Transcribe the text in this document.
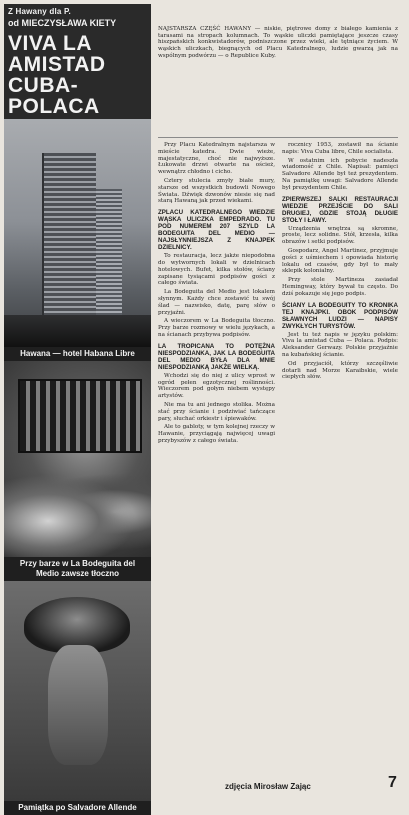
Z Hawany dla P.
od MIECZYSŁAWA KIETY
VIVA LA
AMISTAD
CUBA-
POLACA
Hawana — hotel Habana Libre
Przy barze w La Bodeguita del
Medio zawsze tłoczno
Pamiątka po Salvadore Allende
NAJSTARSZA CZĘŚĆ HAWANY — niskie, piętrowe domy z białego kamienia z tarasami na stropach kolumnach. To wąskie uliczki pamiętające jeszcze czasy hiszpańskich konkwistadorów, podniszczone przez wieki, ale tętniące życiem. W wąskich uliczkach, biegnących od Placu Katedralnego, ludzie gwarzą jak na wspólnym podwórzu — o Republice Kuby.

Przy Placu Katedralnym najstarsza w mieście katedra. Dwie wieże, majestatyczne, choć nie najwyższe. Łukowate drzwi otwarte na oścież, wewnątrz chłodno i cicho.

Cztery stulecia zmyły białe mury, starsze od wszystkich budowli Nowego Świata. Dźwięk dzwonów niesie się nad starą Hawaną jak przed wiekami.

ZPLACU KATEDRALNEGO WIEDZIE WĄSKA ULICZKA EMPEDRADO. TU POD NUMEREM 207 SZYLD LA BODEGUITA DEL MEDIO — NAJSŁYNNIEJSZA Z KNAJPEK DZIELNICY.

To restauracja, lecz jakże niepodobna do wytwornych lokali w dzielnicach hotelowych. Bufet, kilka stołów, ściany zapisane tysiącami podpisów gości z całego świata.

La Bodeguita del Medio jest lokalem słynnym. Każdy chce zostawić tu swój ślad — nazwisko, datę, parę słów o przyjaźni.

A wieczorem w La Bodeguita tłoczno. Przy barze rozmowy w wielu językach, a na ścianach przybywa podpisów.

LA TROPICANA TO POTĘŻNA NIESPODZIANKA, JAK LA BODEGUITA DEL MEDIO BYŁA DLA MNIE NIESPODZIANKĄ JAKŻE WIELKĄ.

Wchodzi się do niej z ulicy wprost w ogród pełen egzotycznej roślinności. Wieczorem pod gołym niebem występy artystów.

Nie ma tu ani jednego stolika. Można stać przy ścianie i podziwiać tańczące pary, słuchać orkiestr i śpiewaków.

Ale to gabloty, w tym kolejnej rzeczy w Hawanie, przyciągają najwięcej uwagi przybyszów z całego świata.

rocznicy 1953, zostawił na ścianie napis: Viva Cuba libre, Chile socialista.

W ostatnim ich pobycie nadeszła wiadomość z Chile. Napisał: pamięci Salvadore Allende był też prezydentem. Na pamiątkę uwagi: Salvadore Allende był prezydentem Chile.

ZPIERWSZEJ SALKI RESTAURACJI WIEDZIE PRZEJŚCIE DO SALI DRUGIEJ, GDZIE STOJĄ DŁUGIE STOŁY I ŁAWY.

Urządzenia wnętrza są skromne, proste, lecz solidne. Stół, krzesła, kilka obrazów i setki podpisów.

Gospodarz, Angel Martinez, przyjmuje gości z uśmiechem i opowiada historię lokalu od czasów, gdy był to mały sklepik kolonialny.

Przy stole Martineza zasiadał Hemingway, który bywał tu często. Do dziś pokazuje się jego podpis.

ŚCIANY LA BODEGUITY TO KRONIKA TEJ KNAJPKI. OBOK PODPISÓW SŁAWNYCH LUDZI — NAPISY ZWYKŁYCH TURYSTÓW.

Jest tu też napis w języku polskim: Viva la amistad Cuba — Polaca. Podpis: Aleksander Gerwazy. Polskie przyjaźnie na kubańskiej ścianie.

Od przyjaciół, którzy szczęśliwie dotarli nad Morze Karaibskie, wiele ciepłych słów.

zdjęcia Mirosław Zając	7
